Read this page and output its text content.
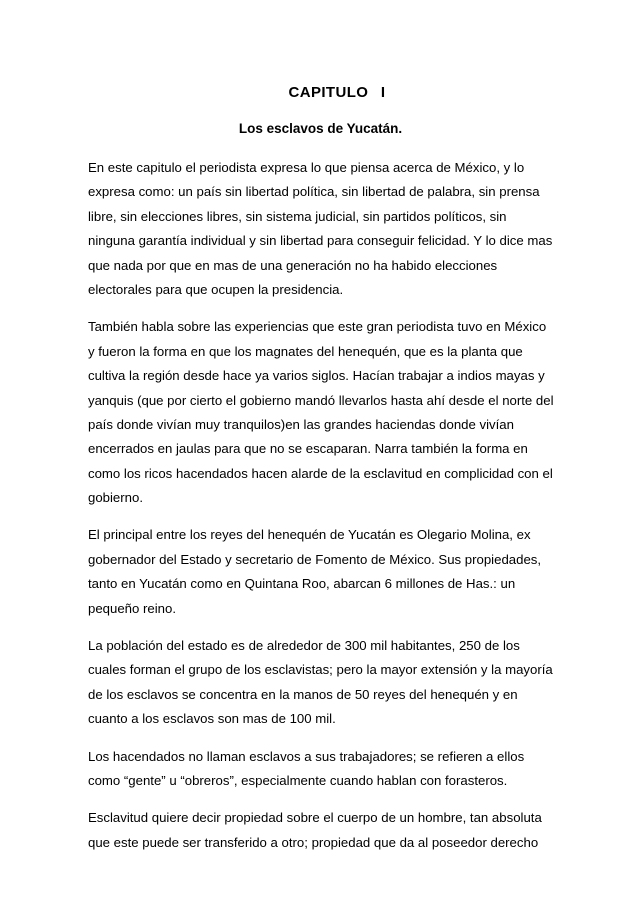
CAPITULO I
Los esclavos de Yucatán.

En este capitulo el periodista expresa lo que piensa acerca de México, y lo
expresa como: un país sin libertad política, sin libertad de palabra, sin prensa
libre, sin elecciones libres, sin sistema judicial, sin partidos políticos, sin
ninguna garantía individual y sin libertad para conseguir felicidad. Y lo dice mas
que nada por que en mas de una generación no ha habido elecciones
electorales para que ocupen la presidencia.

También habla sobre las experiencias que este gran periodista tuvo en México
y fueron la forma en que los magnates del henequén, que es la planta que
cultiva la región desde hace ya varios siglos. Hacían trabajar a indios mayas y
yanquis (que por cierto el gobierno mandó llevarlos hasta ahí desde el norte del
país donde vivían muy tranquilos)en las grandes haciendas donde vivían
encerrados en jaulas para que no se escaparan. Narra también la forma en
como los ricos hacendados hacen alarde de la esclavitud en complicidad con el
gobierno.

El principal entre los reyes del henequén de Yucatán es Olegario Molina, ex
gobernador del Estado y secretario de Fomento de México. Sus propiedades,
tanto en Yucatán como en Quintana Roo, abarcan 6 millones de Has.: un
pequeño reino.

La población del estado es de alrededor de 300 mil habitantes, 250 de los
cuales forman el grupo de los esclavistas; pero la mayor extensión y la mayoría
de los esclavos se concentra en la manos de 50 reyes del henequén y en
cuanto a los esclavos son mas de 100 mil.

Los hacendados no llaman esclavos a sus trabajadores; se refieren a ellos
como “gente” u “obreros”, especialmente cuando hablan con forasteros.

Esclavitud quiere decir propiedad sobre el cuerpo de un hombre, tan absoluta
que este puede ser transferido a otro; propiedad que da al poseedor derecho
